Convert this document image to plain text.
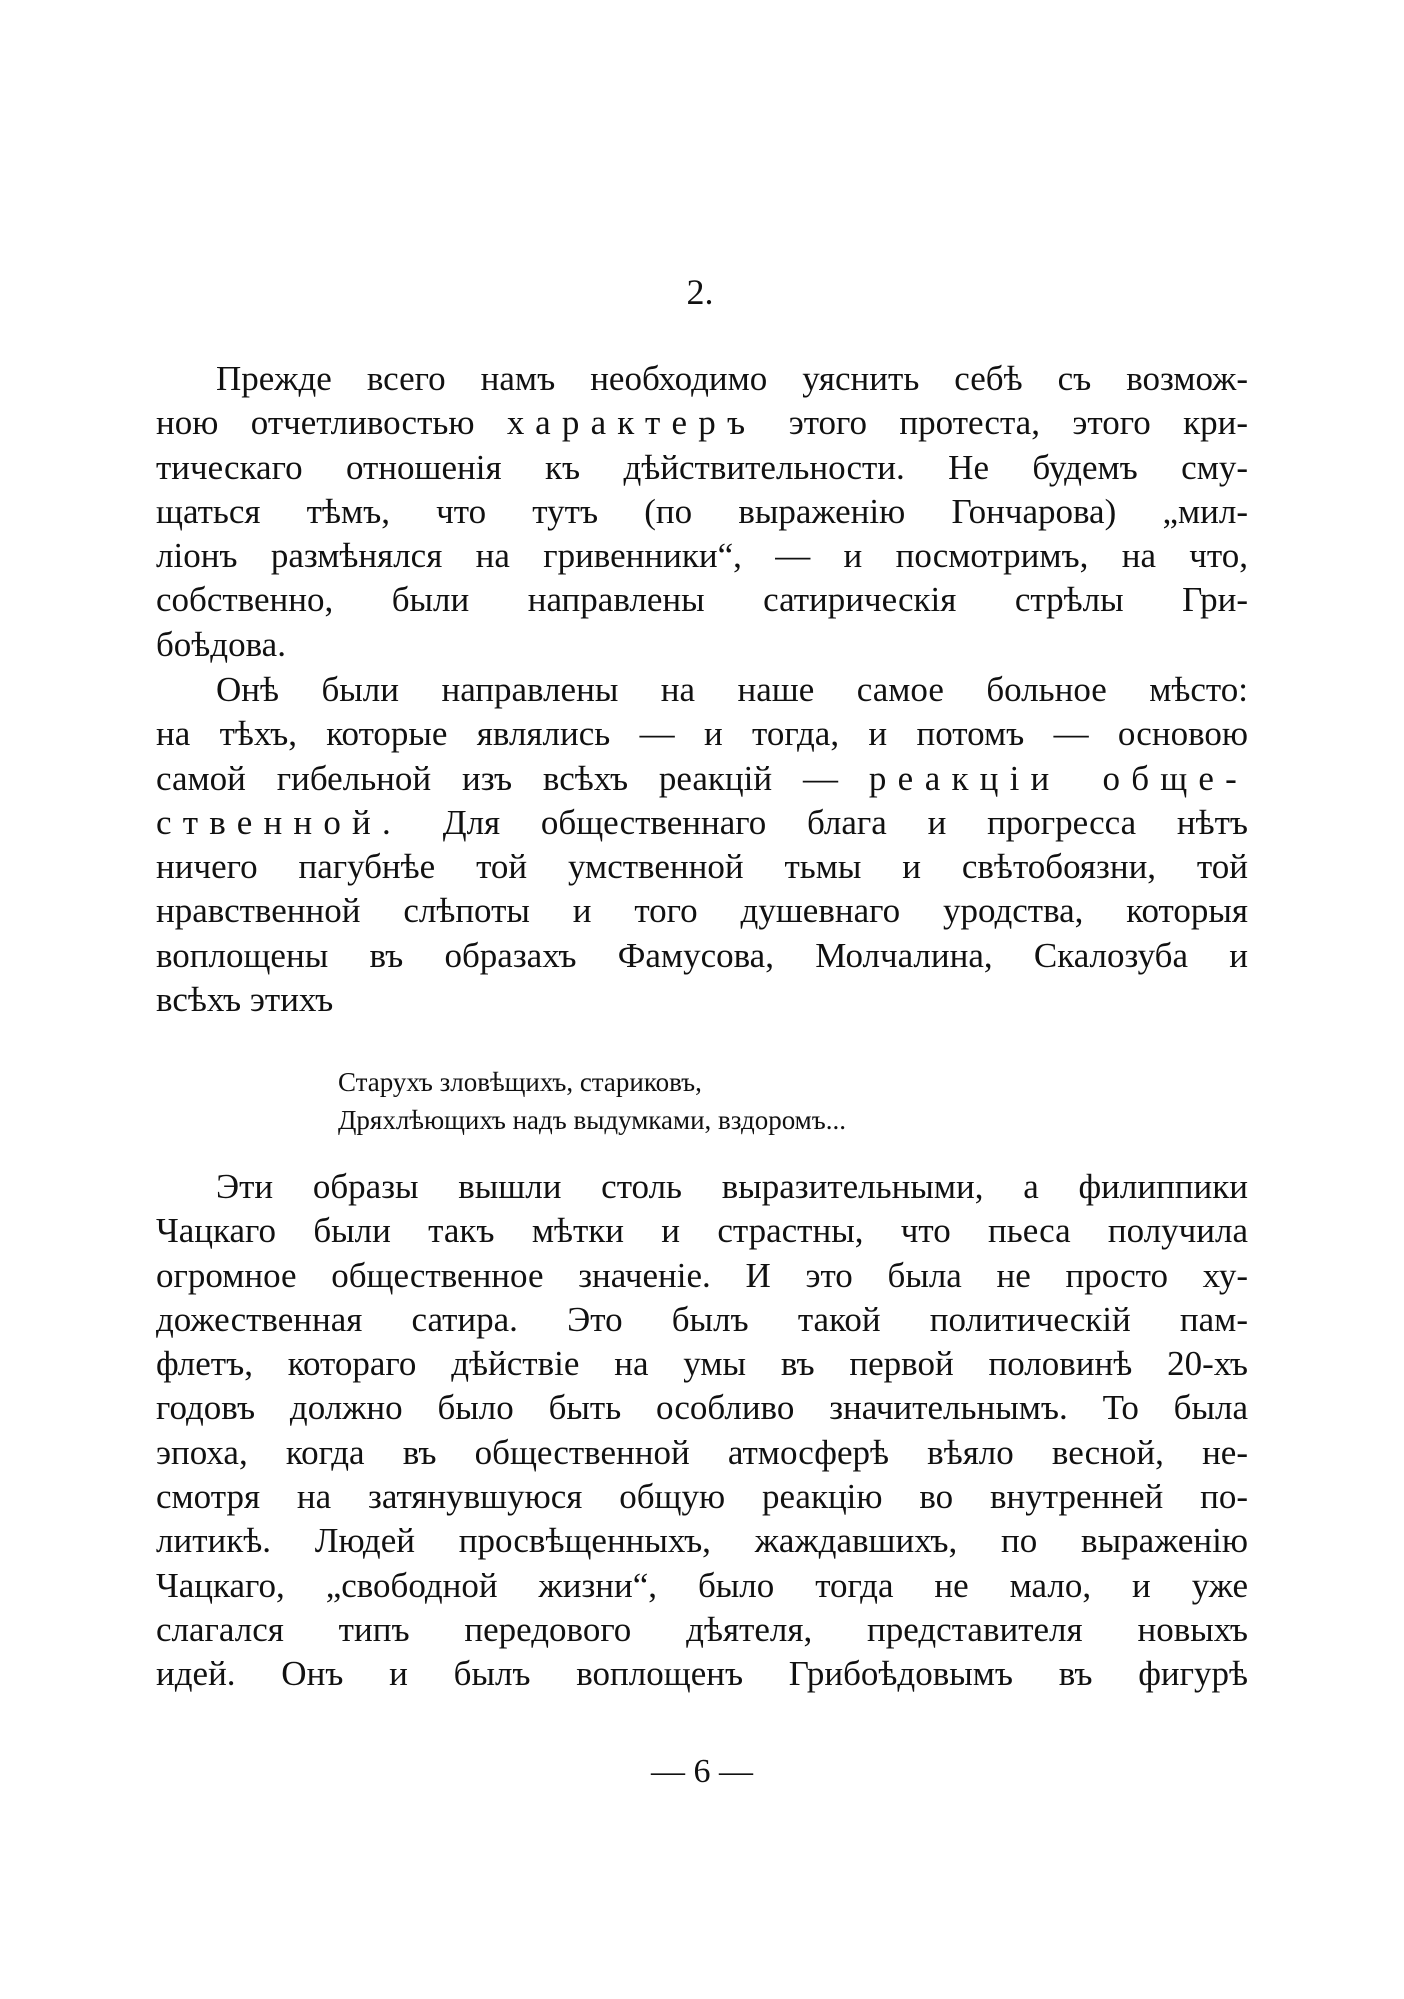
2.
Прежде всего намъ необходимо уяснить себѣ съ возмож-
ною отчетливостью характеръ этого протеста, этого кри-
тическаго отношенія къ дѣйствительности. Не будемъ сму-
щаться тѣмъ, что тутъ (по выраженію Гончарова) „мил-
ліонъ размѣнялся на гривенники“, — и посмотримъ, на что,
собственно, были направлены сатирическія стрѣлы Гри-
боѣдова.
Онѣ были направлены на наше самое больное мѣсто:
на тѣхъ, которые являлись — и тогда, и потомъ — основою
самой гибельной изъ всѣхъ реакцій — реакціи обще-
ственной. Для общественнаго блага и прогресса нѣтъ
ничего пагубнѣе той умственной тьмы и свѣтобоязни, той
нравственной слѣпоты и того душевнаго уродства, которыя
воплощены въ образахъ Фамусова, Молчалина, Скалозуба и
всѣхъ этихъ
Старухъ зловѣщихъ, стариковъ,
Дряхлѣющихъ надъ выдумками, вздоромъ...
Эти образы вышли столь выразительными, а филиппики
Чацкаго были такъ мѣтки и страстны, что пьеса получила
огромное общественное значеніе. И это была не просто ху-
дожественная сатира. Это былъ такой политическій пам-
флетъ, котораго дѣйствіе на умы въ первой половинѣ 20-хъ
годовъ должно было быть особливо значительнымъ. То была
эпоха, когда въ общественной атмосферѣ вѣяло весной, не-
смотря на затянувшуюся общую реакцію во внутренней по-
литикѣ. Людей просвѣщенныхъ, жаждавшихъ, по выраженію
Чацкаго, „свободной жизни“, было тогда не мало, и уже
слагался типъ передового дѣятеля, представителя новыхъ
идей. Онъ и былъ воплощенъ Грибоѣдовымъ въ фигурѣ
— 6 —
